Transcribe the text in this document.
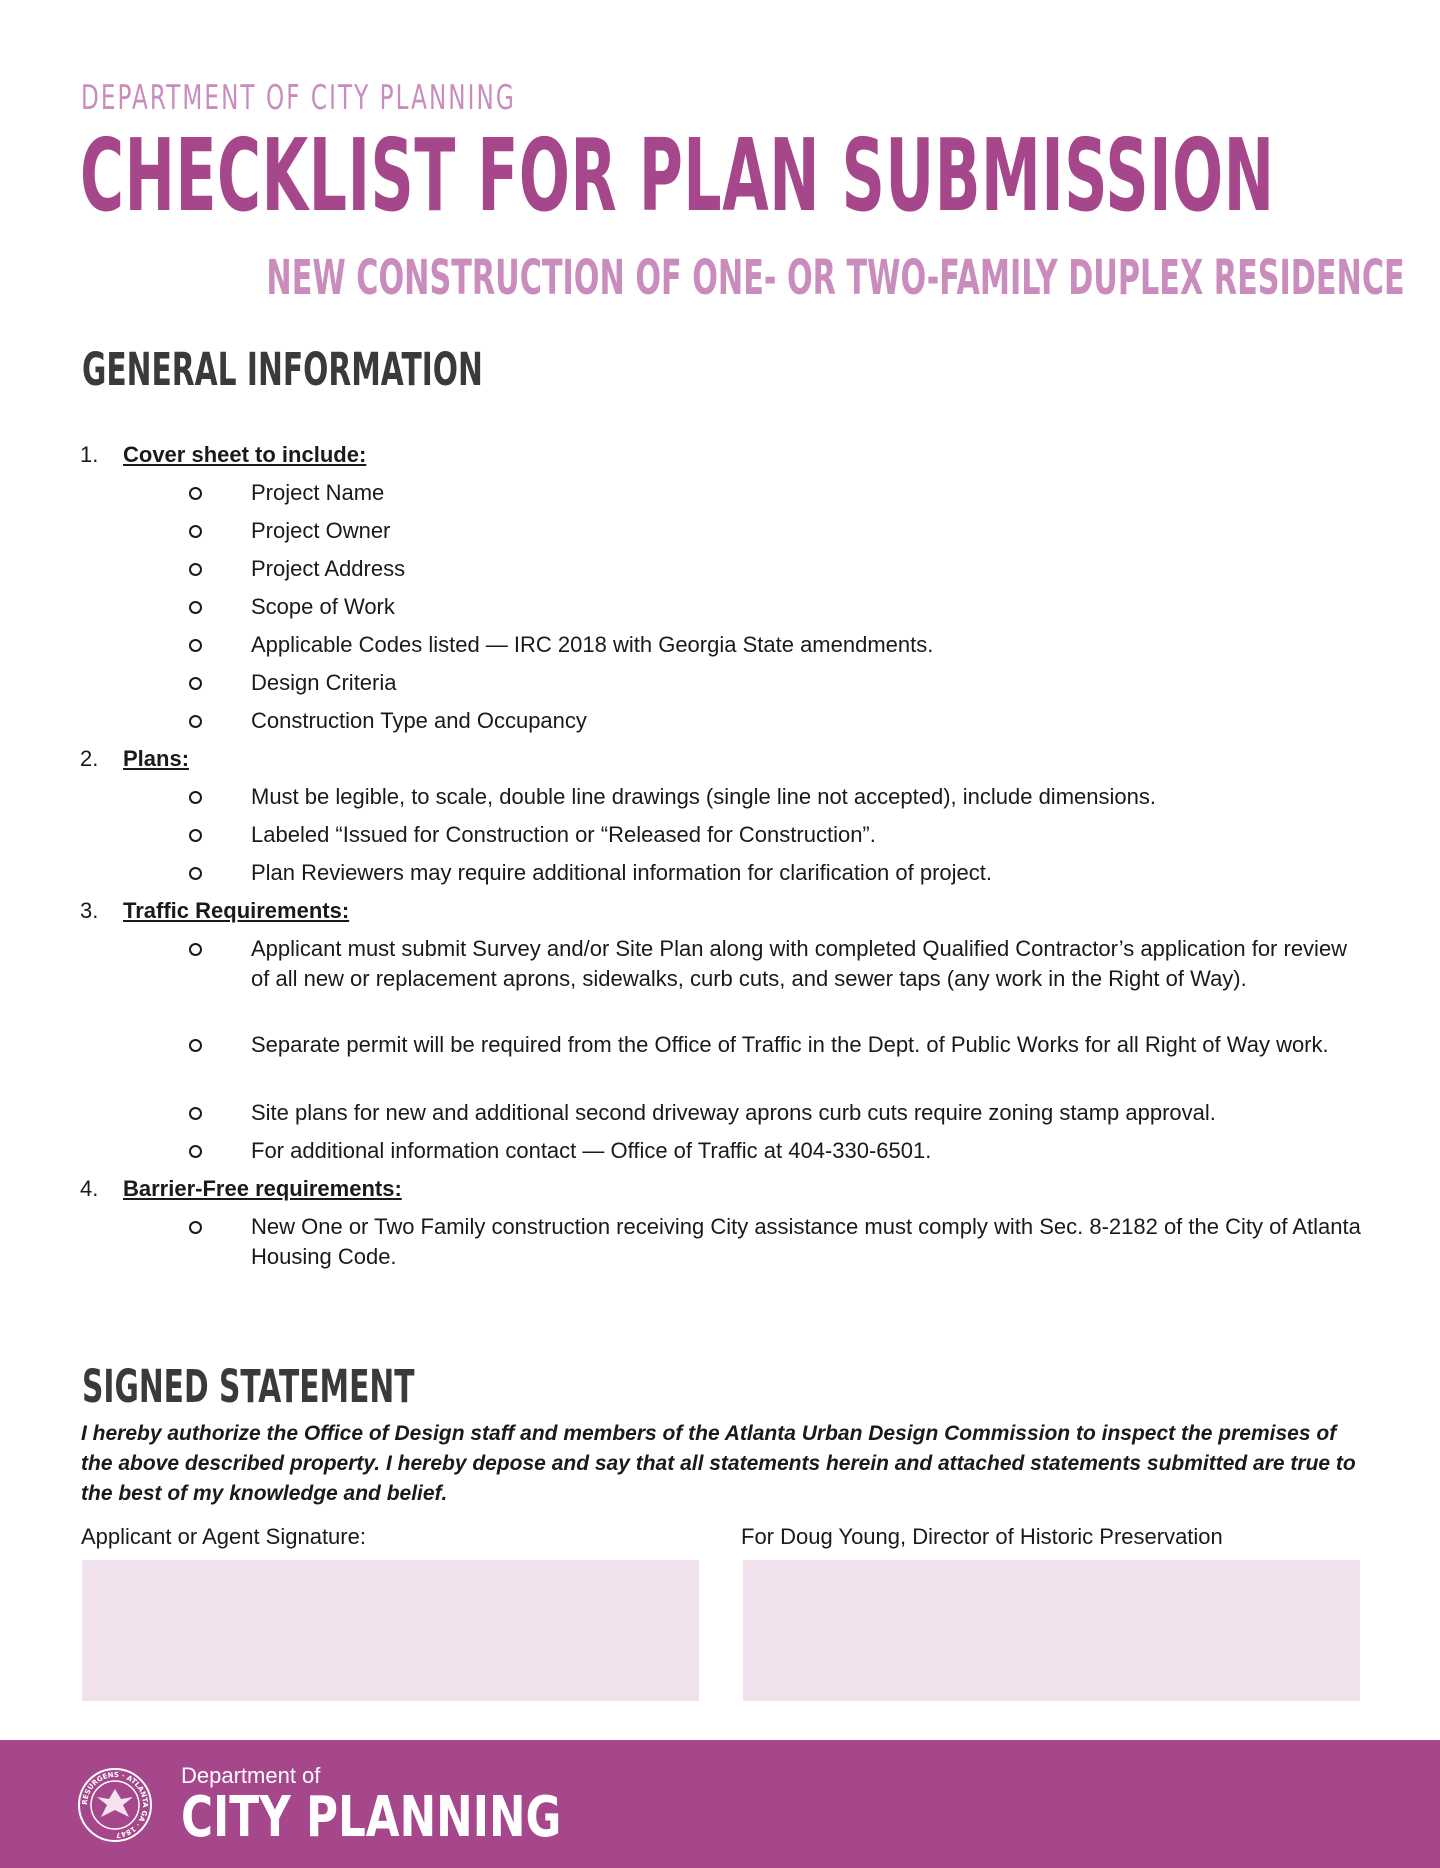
DEPARTMENT OF CITY PLANNING
CHECKLIST FOR PLAN SUBMISSION
NEW CONSTRUCTION OF ONE- OR TWO-FAMILY DUPLEX RESIDENCE
GENERAL INFORMATION
1. Cover sheet to include:
Project Name
Project Owner
Project Address
Scope of Work
Applicable Codes listed — IRC 2018 with Georgia State amendments.
Design Criteria
Construction Type and Occupancy
2. Plans:
Must be legible, to scale, double line drawings (single line not accepted), include dimensions.
Labeled “Issued for Construction or “Released for Construction”.
Plan Reviewers may require additional information for clarification of project.
3. Traffic Requirements:
Applicant must submit Survey and/or Site Plan along with completed Qualified Contractor’s application for review of all new or replacement aprons, sidewalks, curb cuts, and sewer taps (any work in the Right of Way).
Separate permit will be required from the Office of Traffic in the Dept. of Public Works for all Right of Way work.
Site plans for new and additional second driveway aprons curb cuts require zoning stamp approval.
For additional information contact — Office of Traffic at 404-330-6501.
4. Barrier-Free requirements:
New One or Two Family construction receiving City assistance must comply with Sec. 8-2182 of the City of Atlanta Housing Code.
SIGNED STATEMENT
I hereby authorize the Office of Design staff and members of the Atlanta Urban Design Commission to inspect the premises of the above described property. I hereby depose and say that all statements herein and attached statements submitted are true to the best of my knowledge and belief.
Applicant or Agent Signature:	For Doug Young, Director of Historic Preservation
RESURGENS · ATLANTA GA · 1847
Department of
CITY PLANNING
